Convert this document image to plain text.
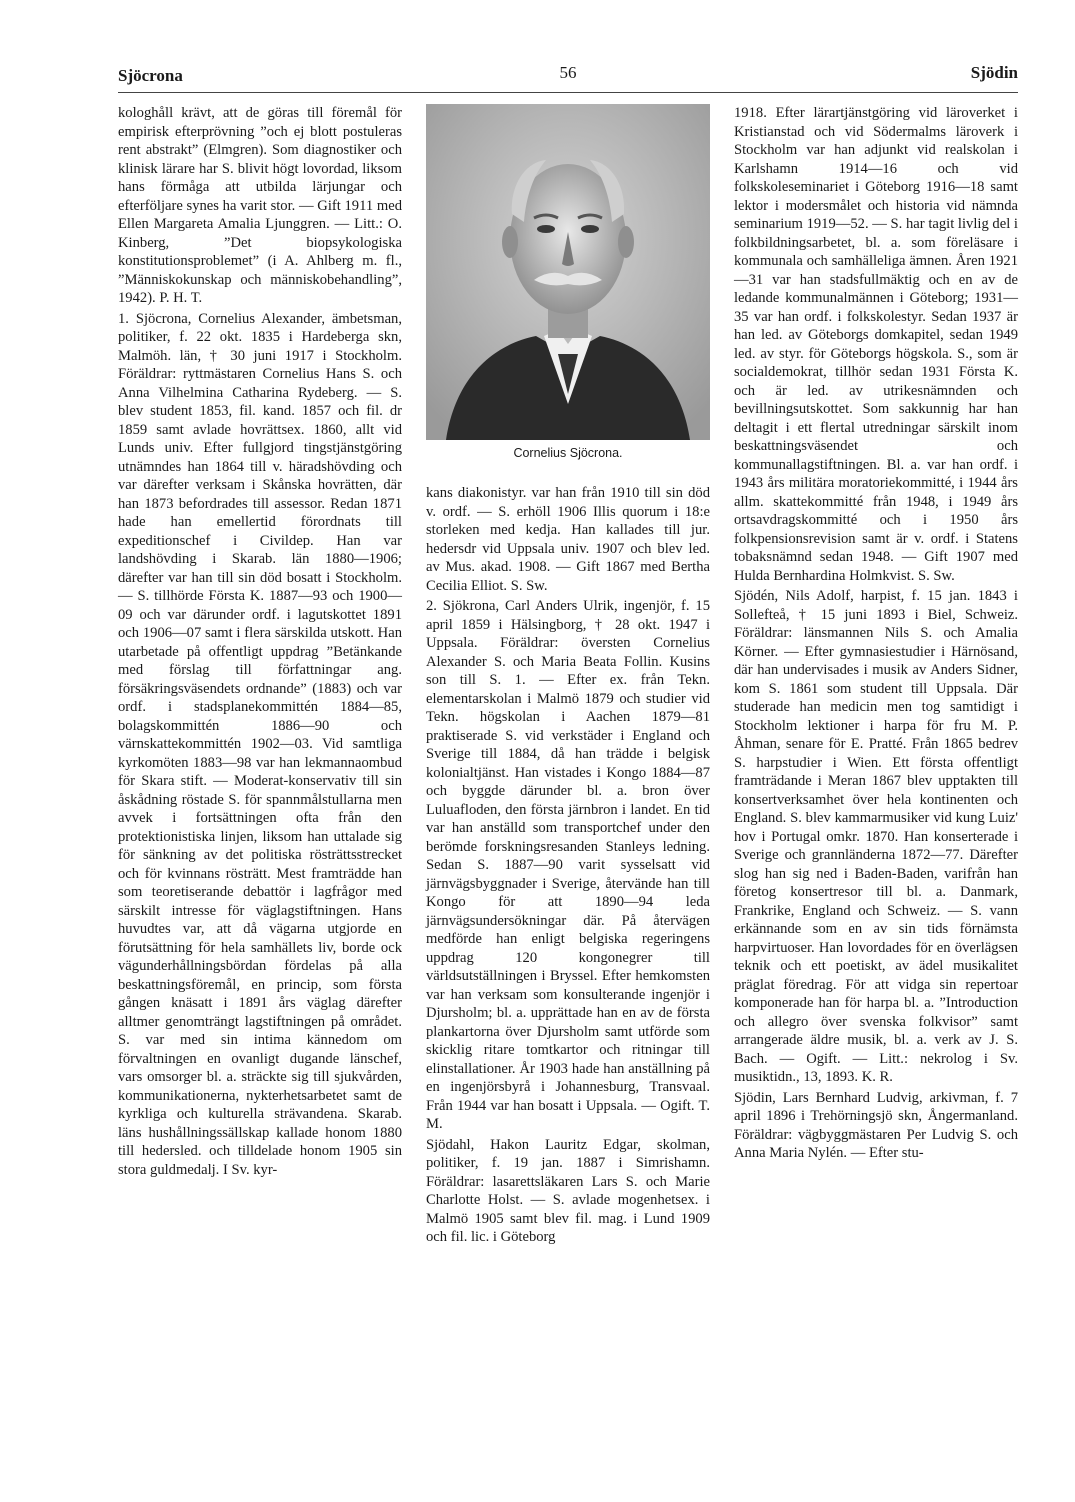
Sjöcrona	56	Sjödin

kologhåll krävt, att de göras till föremål för empirisk efterprövning ”och ej blott postuleras rent abstrakt” (Elmgren). Som diagnostiker och klinisk lärare har S. blivit högt lovordad, liksom hans förmåga att utbilda lärjungar och efterföljare synes ha varit stor. — Gift 1911 med Ellen Margareta Amalia Ljunggren. — Litt.: O. Kinberg, ”Det biopsykologiska konstitutionsproblemet” (i A. Ahlberg m. fl., ”Människokunskap och människobehandling”, 1942). P. H. T.

1. Sjöcrona, Cornelius Alexander, ämbetsman, politiker, f. 22 okt. 1835 i Hardeberga skn, Malmöh. län, † 30 juni 1917 i Stockholm. Föräldrar: ryttmästaren Cornelius Hans S. och Anna Vilhelmina Catharina Rydeberg. — S. blev student 1853, fil. kand. 1857 och fil. dr 1859 samt avlade hovrättsex. 1860, allt vid Lunds univ. Efter fullgjord tingstjänstgöring utnämndes han 1864 till v. häradshövding och var därefter verksam i Skånska hovrätten, där han 1873 befordrades till assessor. Redan 1871 hade han emellertid förordnats till expeditionschef i Civildep. Han var landshövding i Skarab. län 1880—1906; därefter var han till sin död bosatt i Stockholm. — S. tillhörde Första K. 1887—93 och 1900—09 och var därunder ordf. i lagutskottet 1891 och 1906—07 samt i flera särskilda utskott. Han utarbetade på offentligt uppdrag ”Betänkande med förslag till författningar ang. försäkringsväsendets ordnande” (1883) och var ordf. i stadsplanekommittén 1884—85, bolagskommittén 1886—90 och värnskattekommittén 1902—03. Vid samtliga kyrkomöten 1883—98 var han lekmannaombud för Skara stift. — Moderat-konservativ till sin åskådning röstade S. för spannmålstullarna men avvek i fortsättningen ofta från den protektionistiska linjen, liksom han uttalade sig för sänkning av det politiska rösträttsstrecket och för kvinnans rösträtt. Mest framträdde han som teoretiserande debattör i lagfrågor med särskilt intresse för väglagstiftningen. Hans huvudtes var, att då vägarna utgjorde en förutsättning för hela samhällets liv, borde ock vägunderhållningsbördan fördelas på alla beskattningsföremål, en princip, som första gången knäsatt i 1891 års väglag därefter alltmer genomträngt lagstiftningen på området. S. var med sin intima kännedom om förvaltningen en ovanligt dugande länschef, vars omsorger bl. a. sträckte sig till sjukvården, kommunikationerna, nykterhetsarbetet samt de kyrkliga och kulturella strävandena. Skarab. läns hushållningssällskap kallade honom 1880 till hedersled. och tilldelade honom 1905 sin stora guldmedalj. I Sv. kyr-

Cornelius Sjöcrona.

kans diakonistyr. var han från 1910 till sin död v. ordf. — S. erhöll 1906 Illis quorum i 18:e storleken med kedja. Han kallades till jur. hedersdr vid Uppsala univ. 1907 och blev led. av Mus. akad. 1908. — Gift 1867 med Bertha Cecilia Elliot. S. Sw.

2. Sjökrona, Carl Anders Ulrik, ingenjör, f. 15 april 1859 i Hälsingborg, † 28 okt. 1947 i Uppsala. Föräldrar: översten Cornelius Alexander S. och Maria Beata Follin. Kusins son till S. 1. — Efter ex. från Tekn. elementarskolan i Malmö 1879 och studier vid Tekn. högskolan i Aachen 1879—81 praktiserade S. vid verkstäder i England och Sverige till 1884, då han trädde i belgisk kolonialtjänst. Han vistades i Kongo 1884—87 och byggde därunder bl. a. bron över Luluafloden, den första järnbron i landet. En tid var han anställd som transportchef under den berömde forskningsresanden Stanleys ledning. Sedan S. 1887—90 varit sysselsatt vid järnvägsbyggnader i Sverige, återvände han till Kongo för att 1890—94 leda järnvägsundersökningar där. På återvägen medförde han enligt belgiska regeringens uppdrag 120 kongonegrer till världsutställningen i Bryssel. Efter hemkomsten var han verksam som konsulterande ingenjör i Djursholm; bl. a. upprättade han en av de första plankartorna över Djursholm samt utförde som skicklig ritare tomtkartor och ritningar till elinstallationer. År 1903 hade han anställning på en ingenjörsbyrå i Johannesburg, Transvaal. Från 1944 var han bosatt i Uppsala. — Ogift. T. M.

Sjödahl, Hakon Lauritz Edgar, skolman, politiker, f. 19 jan. 1887 i Simrishamn. Föräldrar: lasarettsläkaren Lars S. och Marie Charlotte Holst. — S. avlade mogenhetsex. i Malmö 1905 samt blev fil. mag. i Lund 1909 och fil. lic. i Göteborg

1918. Efter lärartjänstgöring vid läroverket i Kristianstad och vid Södermalms läroverk i Stockholm var han adjunkt vid realskolan i Karlshamn 1914—16 och vid folkskoleseminariet i Göteborg 1916—18 samt lektor i modersmålet och historia vid nämnda seminarium 1919—52. — S. har tagit livlig del i folkbildningsarbetet, bl. a. som föreläsare i kommunala och samhälleliga ämnen. Åren 1921—31 var han stadsfullmäktig och en av de ledande kommunalmännen i Göteborg; 1931—35 var han ordf. i folkskolestyr. Sedan 1937 är han led. av Göteborgs domkapitel, sedan 1949 led. av styr. för Göteborgs högskola. S., som är socialdemokrat, tillhör sedan 1931 Första K. och är led. av utrikesnämnden och bevillningsutskottet. Som sakkunnig har han deltagit i ett flertal utredningar särskilt inom beskattningsväsendet och kommunallagstiftningen. Bl. a. var han ordf. i 1943 års militära moratoriekommitté, i 1944 års allm. skattekommitté från 1948, i 1949 års ortsavdragskommitté och i 1950 års folkpensionsrevision samt är v. ordf. i Statens tobaksnämnd sedan 1948. — Gift 1907 med Hulda Bernhardina Holmkvist. S. Sw.

Sjödén, Nils Adolf, harpist, f. 15 jan. 1843 i Sollefteå, † 15 juni 1893 i Biel, Schweiz. Föräldrar: länsmannen Nils S. och Amalia Körner. — Efter gymnasiestudier i Härnösand, där han undervisades i musik av Anders Sidner, kom S. 1861 som student till Uppsala. Där studerade han medicin men tog samtidigt i Stockholm lektioner i harpa för fru M. P. Åhman, senare för E. Pratté. Från 1865 bedrev S. harpstudier i Wien. Ett första offentligt framträdande i Meran 1867 blev upptakten till konsertverksamhet över hela kontinenten och England. S. blev kammarmusiker vid kung Luiz' hov i Portugal omkr. 1870. Han konserterade i Sverige och grannländerna 1872—77. Därefter slog han sig ned i Baden-Baden, varifrån han företog konsertresor till bl. a. Danmark, Frankrike, England och Schweiz. — S. vann erkännande som en av sin tids förnämsta harpvirtuoser. Han lovordades för en överlägsen teknik och ett poetiskt, av ädel musikalitet präglat föredrag. För att vidga sin repertoar komponerade han för harpa bl. a. ”Introduction och allegro över svenska folkvisor” samt arrangerade äldre musik, bl. a. verk av J. S. Bach. — Ogift. — Litt.: nekrolog i Sv. musiktidn., 13, 1893. K. R.

Sjödin, Lars Bernhard Ludvig, arkivman, f. 7 april 1896 i Trehörningsjö skn, Ångermanland. Föräldrar: vägbyggmästaren Per Ludvig S. och Anna Maria Nylén. — Efter stu-
